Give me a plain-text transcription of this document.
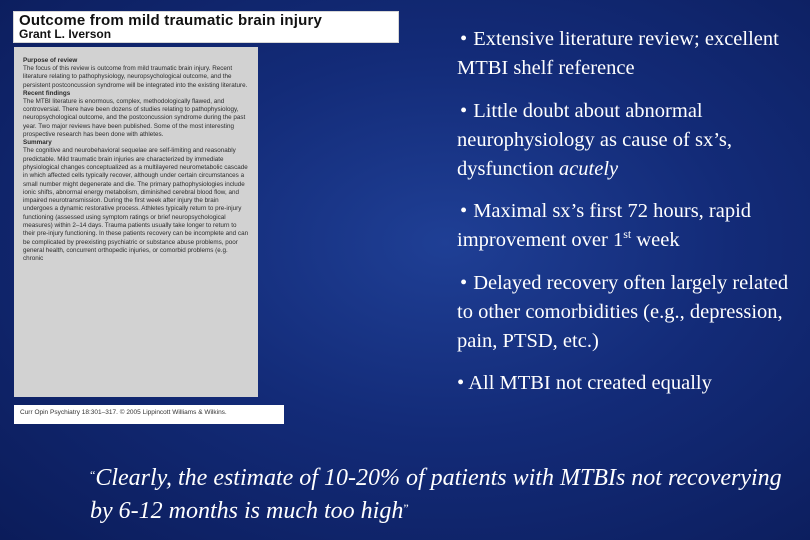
Outcome from mild traumatic brain injury
Grant L. Iverson
Purpose of review
The focus of this review is outcome from mild traumatic brain injury. Recent literature relating to pathophysiology, neuropsychological outcome, and the persistent postconcussion syndrome will be integrated into the existing literature.
Recent findings
The MTBI literature is enormous, complex, methodologically flawed, and controversial. There have been dozens of studies relating to pathophysiology, neuropsychological outcome, and the postconcussion syndrome during the past year. Two major reviews have been published. Some of the most interesting prospective research has been done with athletes.
Summary
The cognitive and neurobehavioral sequelae are self-limiting and reasonably predictable. Mild traumatic brain injuries are characterized by immediate physiological changes conceptualized as a multilayered neurometabolic cascade in which affected cells typically recover, although under certain circumstances a small number might degenerate and die. The primary pathophysiologies include ionic shifts, abnormal energy metabolism, diminished cerebral blood flow, and impaired neurotransmission. During the first week after injury the brain undergoes a dynamic restorative process. Athletes typically return to pre-injury functioning (assessed using symptom ratings or brief neuropsychological measures) within 2–14 days. Trauma patients usually take longer to return to their pre-injury functioning. In these patients recovery can be incomplete and can be complicated by preexisting psychiatric or substance abuse problems, poor general health, concurrent orthopedic injuries, or comorbid problems (e.g. chronic
Curr Opin Psychiatry 18:301–317. © 2005 Lippincott Williams & Wilkins.
• Extensive literature review; excellent MTBI shelf reference
• Little doubt about abnormal neurophysiology as cause of sx’s, dysfunction acutely
• Maximal sx’s first 72 hours, rapid improvement over 1st week
• Delayed recovery often largely related to other comorbidities (e.g., depression, pain, PTSD, etc.)
• All MTBI not created equally
“Clearly, the estimate of 10-20% of patients with MTBIs not recoverying by 6-12 months is much too high”
